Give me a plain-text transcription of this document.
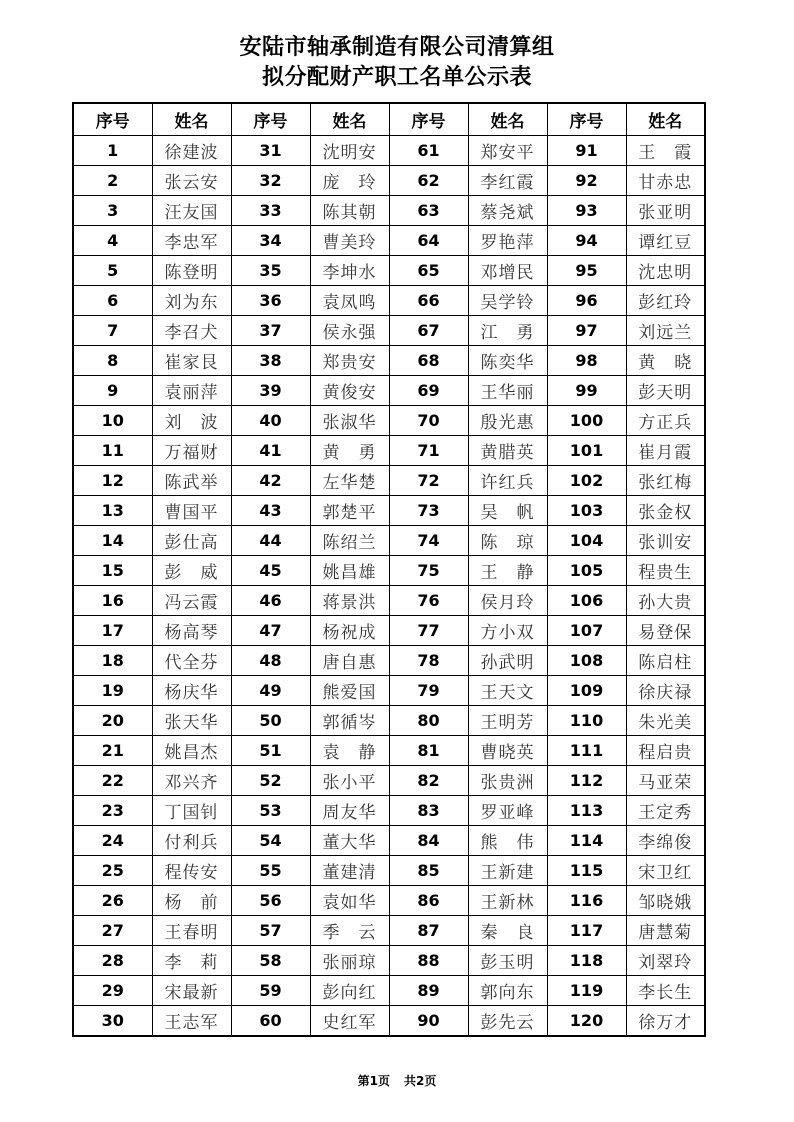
安陆市轴承制造有限公司清算组
拟分配财产职工名单公示表
序号	姓名	序号	姓名	序号	姓名	序号	姓名
1	徐建波	31	沈明安	61	郑安平	91	王　霞
2	张云安	32	庞　玲	62	李红霞	92	甘赤忠
3	汪友国	33	陈其朝	63	蔡尧斌	93	张亚明
4	李忠军	34	曹美玲	64	罗艳萍	94	谭红豆
5	陈登明	35	李坤水	65	邓增民	95	沈忠明
6	刘为东	36	袁凤鸣	66	吴学铃	96	彭红玲
7	李召犬	37	侯永强	67	江　勇	97	刘远兰
8	崔家艮	38	郑贵安	68	陈奕华	98	黄　晓
9	袁丽萍	39	黄俊安	69	王华丽	99	彭天明
10	刘　波	40	张淑华	70	殷光惠	100	方正兵
11	万福财	41	黄　勇	71	黄腊英	101	崔月霞
12	陈武举	42	左华楚	72	许红兵	102	张红梅
13	曹国平	43	郭楚平	73	吴　帆	103	张金权
14	彭仕高	44	陈绍兰	74	陈　琼	104	张训安
15	彭　威	45	姚昌雄	75	王　静	105	程贵生
16	冯云霞	46	蒋景洪	76	侯月玲	106	孙大贵
17	杨高琴	47	杨祝成	77	方小双	107	易登保
18	代全芬	48	唐自惠	78	孙武明	108	陈启柱
19	杨庆华	49	熊爱国	79	王天文	109	徐庆禄
20	张天华	50	郭循岑	80	王明芳	110	朱光美
21	姚昌杰	51	袁　静	81	曹晓英	111	程启贵
22	邓兴齐	52	张小平	82	张贵洲	112	马亚荣
23	丁国钊	53	周友华	83	罗亚峰	113	王定秀
24	付利兵	54	董大华	84	熊　伟	114	李绵俊
25	程传安	55	董建清	85	王新建	115	宋卫红
26	杨　前	56	袁如华	86	王新林	116	邹晓娥
27	王春明	57	季　云	87	秦　良	117	唐慧菊
28	李　莉	58	张丽琼	88	彭玉明	118	刘翠玲
29	宋最新	59	彭向红	89	郭向东	119	李长生
30	王志军	60	史红军	90	彭先云	120	徐万才
第1页 共2页
